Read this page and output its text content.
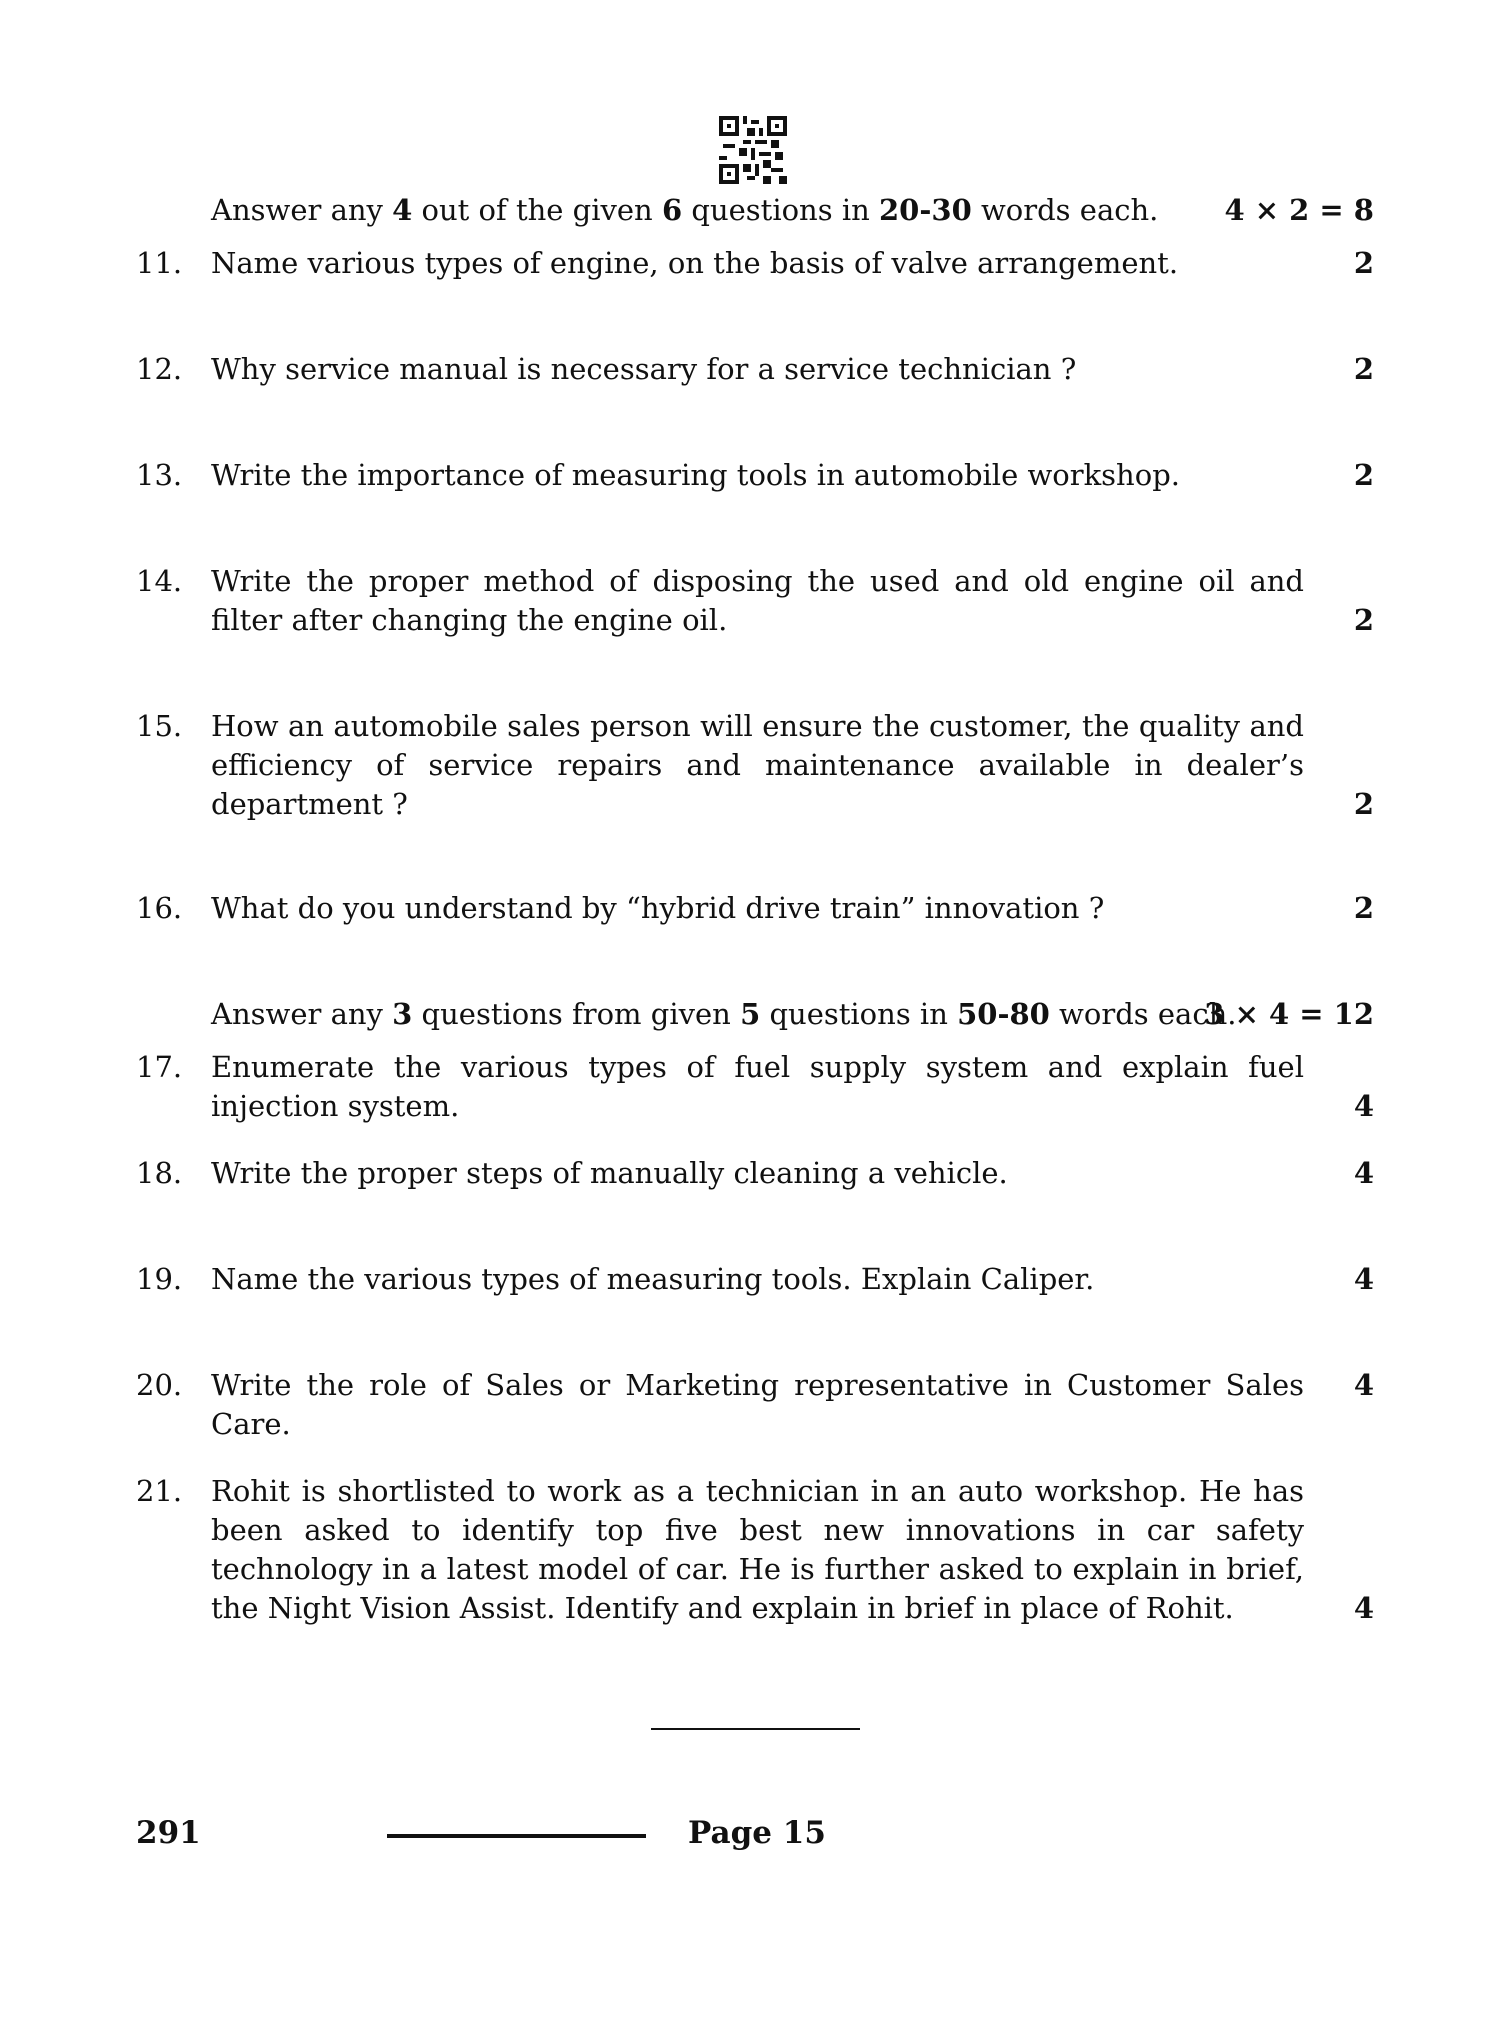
Answer any 4 out of the given 6 questions in 20-30 words each.	4 × 2 = 8
11. Name various types of engine, on the basis of valve arrangement.	2
12. Why service manual is necessary for a service technician ?	2
13. Write the importance of measuring tools in automobile workshop.	2
14. Write the proper method of disposing the used and old engine oil and
filter after changing the engine oil.	2
15. How an automobile sales person will ensure the customer, the quality and
efficiency of service repairs and maintenance available in dealer’s
department ?	2
16. What do you understand by “hybrid drive train” innovation ?	2
17. Enumerate the various types of fuel supply system and explain fuel
injection system.	4
18. Write the proper steps of manually cleaning a vehicle.	4
19. Name the various types of measuring tools. Explain Caliper.	4
20. Write the role of Sales or Marketing representative in Customer Sales Care.
4
21. Rohit is shortlisted to work as a technician in an auto workshop. He has
been asked to identify top five best new innovations in car safety
technology in a latest model of car. He is further asked to explain in brief,
the Night Vision Assist. Identify and explain in brief in place of Rohit.	4
Answer any 3 questions from given 5 questions in 50-80 words each.
3 × 4 = 12
291	Page 15
